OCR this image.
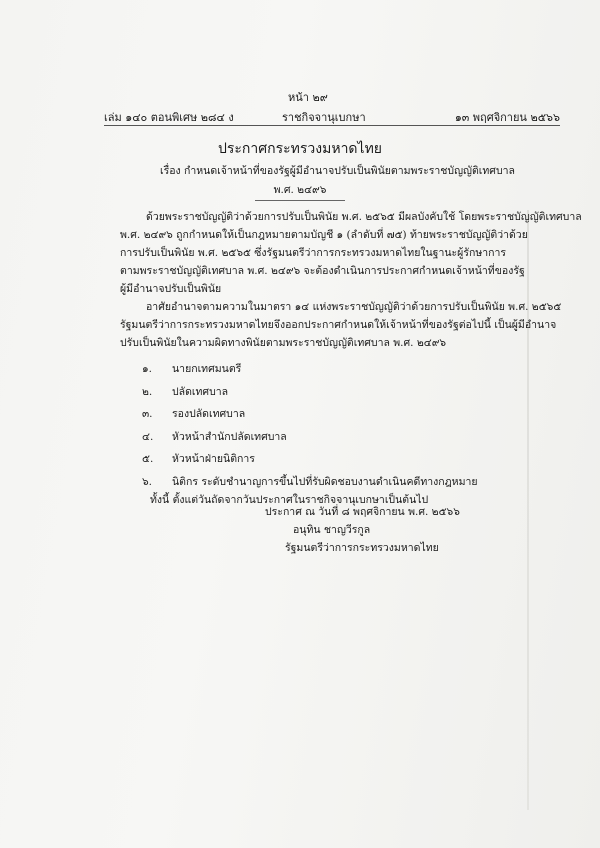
หน้า ๒๙
เล่ม ๑๔๐ ตอนพิเศษ ๒๘๔ ง	ราชกิจจานุเบกษา	๑๓ พฤศจิกายน ๒๕๖๖
ประกาศกระทรวงมหาดไทย
เรื่อง กำหนดเจ้าหน้าที่ของรัฐผู้มีอำนาจปรับเป็นพินัยตามพระราชบัญญัติเทศบาล
พ.ศ. ๒๔๙๖
ด้วยพระราชบัญญัติว่าด้วยการปรับเป็นพินัย พ.ศ. ๒๕๖๕ มีผลบังคับใช้ โดยพระราชบัญญัติเทศบาล
พ.ศ. ๒๔๙๖ ถูกกำหนดให้เป็นกฎหมายตามบัญชี ๑ (ลำดับที่ ๗๕) ท้ายพระราชบัญญัติว่าด้วย
การปรับเป็นพินัย พ.ศ. ๒๕๖๕ ซึ่งรัฐมนตรีว่าการกระทรวงมหาดไทยในฐานะผู้รักษาการ
ตามพระราชบัญญัติเทศบาล พ.ศ. ๒๔๙๖ จะต้องดำเนินการประกาศกำหนดเจ้าหน้าที่ของรัฐ
ผู้มีอำนาจปรับเป็นพินัย
อาศัยอำนาจตามความในมาตรา ๑๔ แห่งพระราชบัญญัติว่าด้วยการปรับเป็นพินัย พ.ศ. ๒๕๖๕
รัฐมนตรีว่าการกระทรวงมหาดไทยจึงออกประกาศกำหนดให้เจ้าหน้าที่ของรัฐต่อไปนี้ เป็นผู้มีอำนาจ
ปรับเป็นพินัยในความผิดทางพินัยตามพระราชบัญญัติเทศบาล พ.ศ. ๒๔๙๖
๑. นายกเทศมนตรี
๒. ปลัดเทศบาล
๓. รองปลัดเทศบาล
๔. หัวหน้าสำนักปลัดเทศบาล
๕. หัวหน้าฝ่ายนิติการ
๖. นิติกร ระดับชำนาญการขึ้นไปที่รับผิดชอบงานดำเนินคดีทางกฎหมาย
ทั้งนี้ ตั้งแต่วันถัดจากวันประกาศในราชกิจจานุเบกษาเป็นต้นไป
ประกาศ ณ วันที่ ๘ พฤศจิกายน พ.ศ. ๒๕๖๖
อนุทิน ชาญวีรกูล
รัฐมนตรีว่าการกระทรวงมหาดไทย
